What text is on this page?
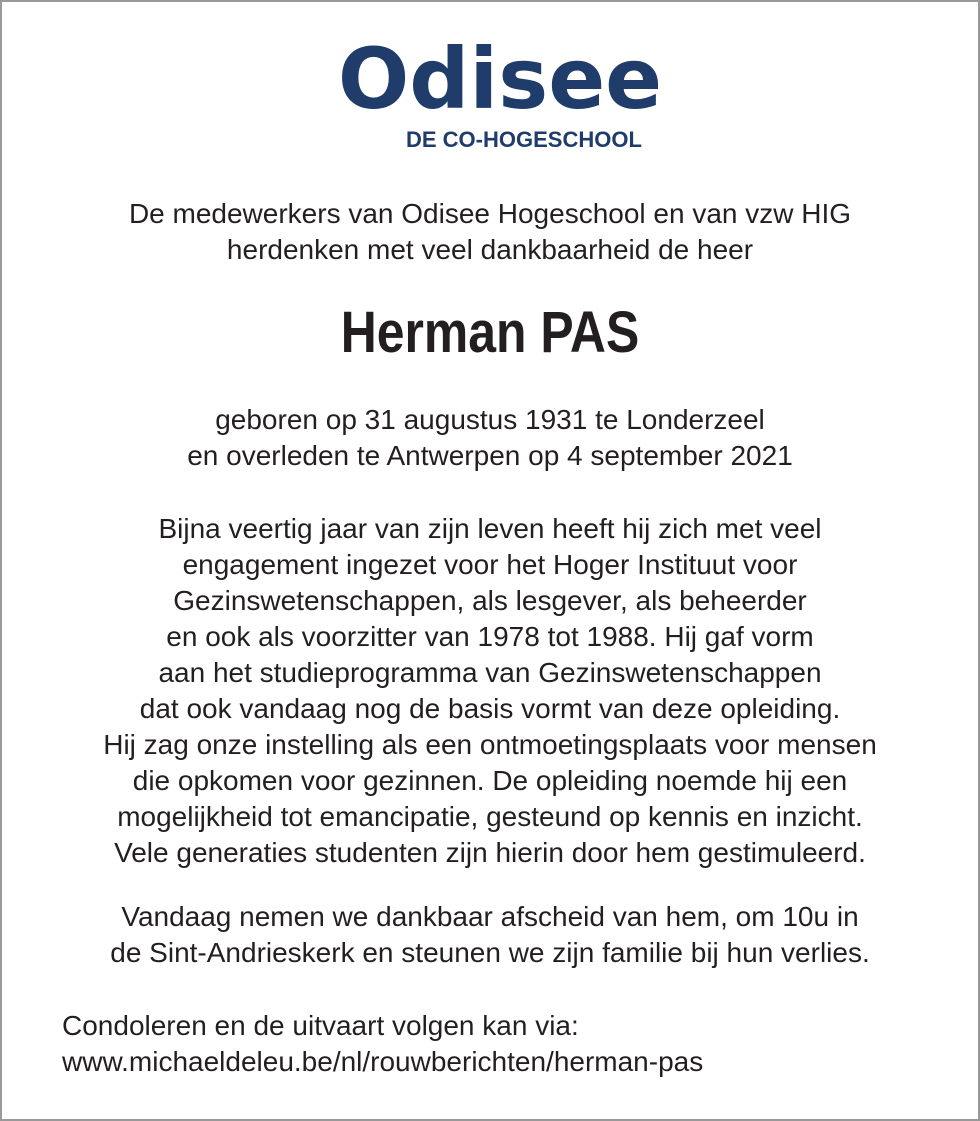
Odisee
DE CO-HOGESCHOOL
De medewerkers van Odisee Hogeschool en van vzw HIG
herdenken met veel dankbaarheid de heer
Herman PAS
geboren op 31 augustus 1931 te Londerzeel
en overleden te Antwerpen op 4 september 2021
Bijna veertig jaar van zijn leven heeft hij zich met veel
engagement ingezet voor het Hoger Instituut voor
Gezinswetenschappen, als lesgever, als beheerder
en ook als voorzitter van 1978 tot 1988. Hij gaf vorm
aan het studieprogramma van Gezinswetenschappen
dat ook vandaag nog de basis vormt van deze opleiding.
Hij zag onze instelling als een ontmoetingsplaats voor mensen
die opkomen voor gezinnen. De opleiding noemde hij een
mogelijkheid tot emancipatie, gesteund op kennis en inzicht.
Vele generaties studenten zijn hierin door hem gestimuleerd.
Vandaag nemen we dankbaar afscheid van hem, om 10u in
de Sint-Andrieskerk en steunen we zijn familie bij hun verlies.
Condoleren en de uitvaart volgen kan via:
www.michaeldeleu.be/nl/rouwberichten/herman-pas
